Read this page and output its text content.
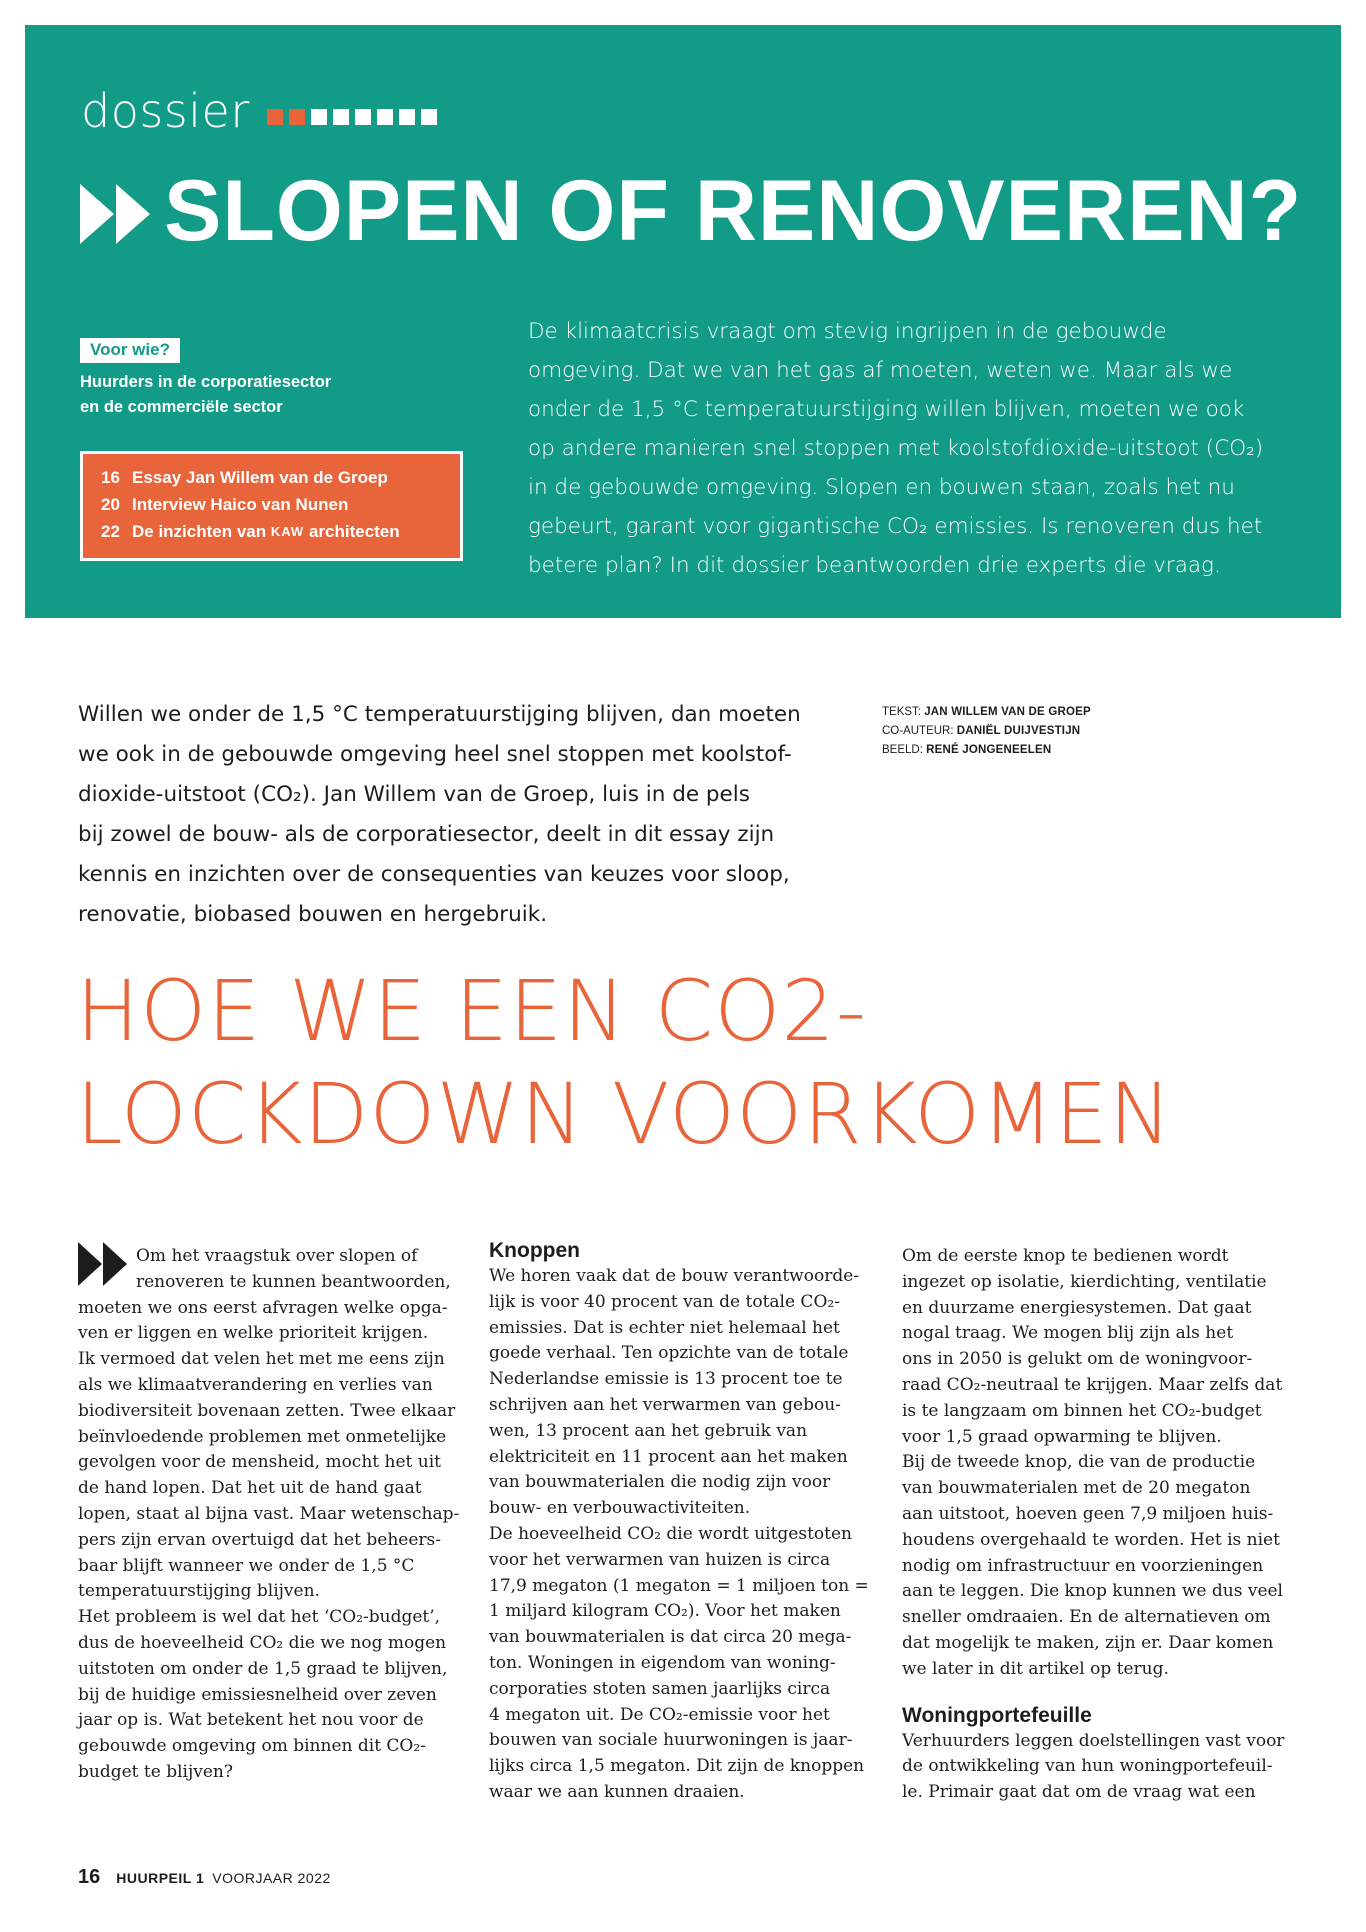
dossier
SLOPEN OF RENOVEREN?
Voor wie?
Huurders in de corporatiesector
en de commerciële sector
16 Essay Jan Willem van de Groep
20 Interview Haico van Nunen
22 De inzichten van KAW architecten
De klimaatcrisis vraagt om stevig ingrijpen in de gebouwde
omgeving. Dat we van het gas af moeten, weten we. Maar als we
onder de 1,5 °C temperatuurstijging willen blijven, moeten we ook
op andere manieren snel stoppen met koolstofdioxide-uitstoot (CO₂)
in de gebouwde omgeving. Slopen en bouwen staan, zoals het nu
gebeurt, garant voor gigantische CO₂ emissies. Is renoveren dus het
betere plan? In dit dossier beantwoorden drie experts die vraag.
Willen we onder de 1,5 °C temperatuurstijging blijven, dan moeten
we ook in de gebouwde omgeving heel snel stoppen met koolstof-
dioxide-uitstoot (CO₂). Jan Willem van de Groep, luis in de pels
bij zowel de bouw- als de corporatiesector, deelt in dit essay zijn
kennis en inzichten over de consequenties van keuzes voor sloop,
renovatie, biobased bouwen en hergebruik.
TEKST: JAN WILLEM VAN DE GROEP
CO-AUTEUR: DANIËL DUIJVESTIJN
BEELD: RENÉ JONGENEELEN
HOE WE EEN CO2-
LOCKDOWN VOORKOMEN
Om het vraagstuk over slopen of
renoveren te kunnen beantwoorden,
moeten we ons eerst afvragen welke opga-
ven er liggen en welke prioriteit krijgen.
Ik vermoed dat velen het met me eens zijn
als we klimaatverandering en verlies van
biodiversiteit bovenaan zetten. Twee elkaar
beïnvloedende problemen met onmetelijke
gevolgen voor de mensheid, mocht het uit
de hand lopen. Dat het uit de hand gaat
lopen, staat al bijna vast. Maar wetenschap-
pers zijn ervan overtuigd dat het beheers-
baar blijft wanneer we onder de 1,5 °C
temperatuurstijging blijven.
Het probleem is wel dat het ‘CO₂-budget’,
dus de hoeveelheid CO₂ die we nog mogen
uitstoten om onder de 1,5 graad te blijven,
bij de huidige emissiesnelheid over zeven
jaar op is. Wat betekent het nou voor de
gebouwde omgeving om binnen dit CO₂-
budget te blijven?
Knoppen
We horen vaak dat de bouw verantwoorde-
lijk is voor 40 procent van de totale CO₂-
emissies. Dat is echter niet helemaal het
goede verhaal. Ten opzichte van de totale
Nederlandse emissie is 13 procent toe te
schrijven aan het verwarmen van gebou-
wen, 13 procent aan het gebruik van
elektriciteit en 11 procent aan het maken
van bouwmaterialen die nodig zijn voor
bouw- en verbouwactiviteiten.
De hoeveelheid CO₂ die wordt uitgestoten
voor het verwarmen van huizen is circa
17,9 megaton (1 megaton = 1 miljoen ton =
1 miljard kilogram CO₂). Voor het maken
van bouwmaterialen is dat circa 20 mega-
ton. Woningen in eigendom van woning-
corporaties stoten samen jaarlijks circa
4 megaton uit. De CO₂-emissie voor het
bouwen van sociale huurwoningen is jaar-
lijks circa 1,5 megaton. Dit zijn de knoppen
waar we aan kunnen draaien.
Om de eerste knop te bedienen wordt
ingezet op isolatie, kierdichting, ventilatie
en duurzame energiesystemen. Dat gaat
nogal traag. We mogen blij zijn als het
ons in 2050 is gelukt om de woningvoor-
raad CO₂-neutraal te krijgen. Maar zelfs dat
is te langzaam om binnen het CO₂-budget
voor 1,5 graad opwarming te blijven.
Bij de tweede knop, die van de productie
van bouwmaterialen met de 20 megaton
aan uitstoot, hoeven geen 7,9 miljoen huis-
houdens overgehaald te worden. Het is niet
nodig om infrastructuur en voorzieningen
aan te leggen. Die knop kunnen we dus veel
sneller omdraaien. En de alternatieven om
dat mogelijk te maken, zijn er. Daar komen
we later in dit artikel op terug.
Woningportefeuille
Verhuurders leggen doelstellingen vast voor
de ontwikkeling van hun woningportefeuil-
le. Primair gaat dat om de vraag wat een
16 HUURPEIL 1 VOORJAAR 2022
